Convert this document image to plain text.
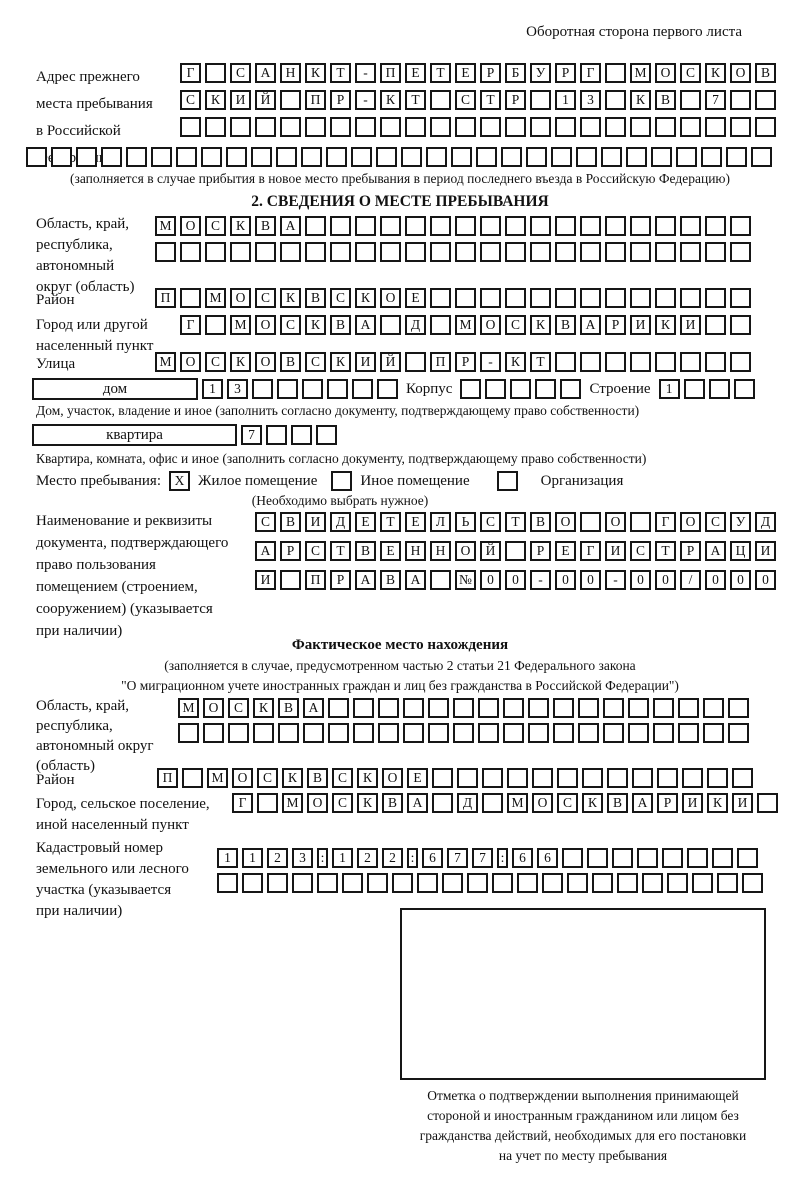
Оборотная сторона первого листа
Адрес прежнего
места пребывания
в Российской
Г	С	А	Н	К	Т	-	П	Е	Т	Е	Р	Б	У	Р	Г	М	О	С	К	О	В
С	К	И	Й	П	Р	-	К	Т	С	Т	Р	1	3	К	В	7
(заполняется в случае прибытия в новое место пребывания в период последнего въезда в Российскую Федерацию)
2. СВЕДЕНИЯ О МЕСТЕ ПРЕБЫВАНИЯ
Область, край,
республика,
автономный
округ (область)
М	О	С	К	В	А
Район	П	М	О	С	К	В	С	К	О	Е
Город или другой
населенный пункт
Г	М	О	С	К	В	А	Д	М	О	С	К	В	А	Р	И	К	И
Улица	М	О	С	К	О	В	С	К	И	Й	П	Р	-	К	Т
дом	1	3	Корпус	Строение	1
Дом, участок, владение и иное (заполнить согласно документу, подтверждающему право собственности)
квартира	7
Квартира, комната, офис и иное (заполнить согласно документу, подтверждающему право собственности)
Место пребывания:	X Жилое помещение	Иное помещение	Организация
(Необходимо выбрать нужное)
Наименование и реквизиты
документа, подтверждающего
право пользования
помещением (строением,
сооружением) (указывается
при наличии)
С	В	И	Д	Е	Т	Е	Л	Ь	С	Т	В	О	О	Г	О	С	У	Д
А	Р	С	Т	В	Е	Н	Н	О	Й	Р	Е	Г	И	С	Т	Р	А	Ц	И
И	П	Р	А	В	А	№	0	0	-	0	0	-	0	0	/	0	0	0
Фактическое место нахождения
(заполняется в случае, предусмотренном частью 2 статьи 21 Федерального закона
"О миграционном учете иностранных граждан и лиц без гражданства в Российской Федерации")
Область, край,
республика,
автономный округ
(область)
М	О	С	К	В	А
Район	П	М	О	С	К	В	С	К	О	Е
Город, сельское поселение,
иной населенный пункт
Г	М	О	С	К	В	А	Д	М	О	С	К	В	А	Р	И	К	И
Кадастровый номер
земельного или лесного
участка (указывается
при наличии)
1	1	2	3	:	1	2	2	:	6	7	7	:	6	6
Отметка о подтверждении выполнения принимающей
стороной и иностранным гражданином или лицом без
гражданства действий, необходимых для его постановки
на учет по месту пребывания
